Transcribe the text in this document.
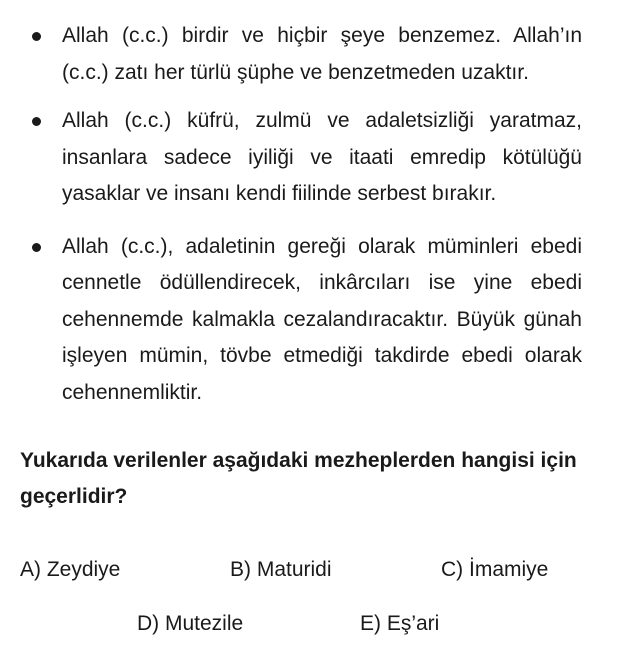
Allah (c.c.) birdir ve hiçbir şeye benzemez. Allah’ın (c.c.) zatı her türlü şüphe ve benzetmeden uzaktır.
Allah (c.c.) küfrü, zulmü ve adaletsizliği yaratmaz, insanlara sadece iyiliği ve itaati emredip kötülüğü yasaklar ve insanı kendi fiilinde serbest bırakır.
Allah (c.c.), adaletinin gereği olarak müminleri ebedi cennetle ödüllendirecek, inkârcıları ise yine ebedi cehennemde kalmakla cezalandıracaktır. Büyük günah işleyen mümin, tövbe etmediği takdirde ebedi olarak cehennemliktir.

Yukarıda verilenler aşağıdaki mezheplerden hangisi için geçerlidir?

A) Zeydiye	B) Maturidi	C) İmamiye
D) Mutezile	E) Eş’ari
